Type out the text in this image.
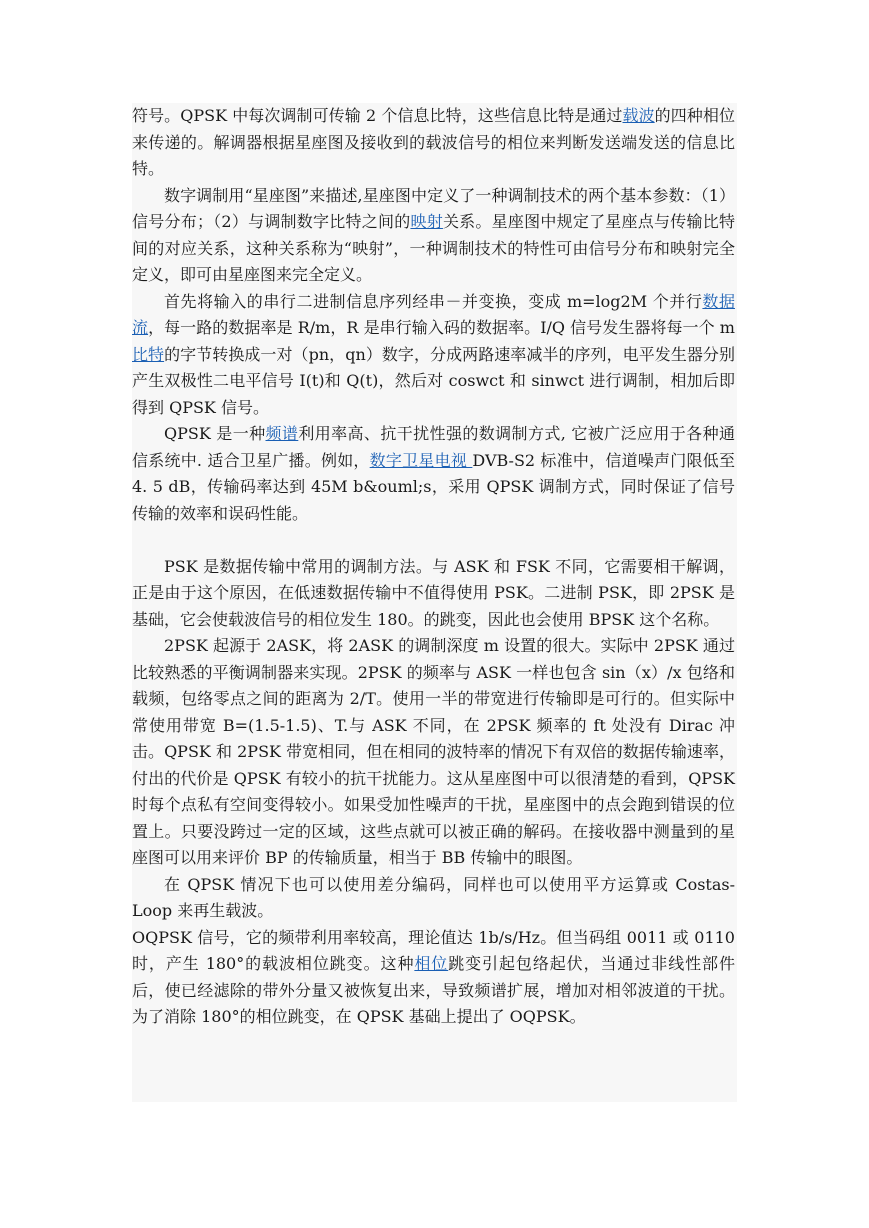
符号。QPSK 中每次调制可传输 2 个信息比特，这些信息比特是通过载波的四种相位来传递的。解调器根据星座图及接收到的载波信号的相位来判断发送端发送的信息比特。

数字调制用“星座图”来描述,星座图中定义了一种调制技术的两个基本参数：（1）信号分布；（2）与调制数字比特之间的映射关系。星座图中规定了星座点与传输比特间的对应关系，这种关系称为“映射”，一种调制技术的特性可由信号分布和映射完全定义，即可由星座图来完全定义。

首先将输入的串行二进制信息序列经串－并变换，变成 m=log2M 个并行数据流，每一路的数据率是 R/m，R 是串行输入码的数据率。I/Q 信号发生器将每一个 m 比特的字节转换成一对（pn，qn）数字，分成两路速率减半的序列，电平发生器分别产生双极性二电平信号 I(t)和 Q(t)，然后对 coswct 和 sinwct 进行调制，相加后即得到 QPSK 信号。

QPSK 是一种频谱利用率高、抗干扰性强的数调制方式, 它被广泛应用于各种通信系统中. 适合卫星广播。例如，数字卫星电视 DVB-S2 标准中，信道噪声门限低至 4. 5 dB，传输码率达到 45M b&ouml;s，采用 QPSK 调制方式，同时保证了信号传输的效率和误码性能。

PSK 是数据传输中常用的调制方法。与 ASK 和 FSK 不同，它需要相干解调，正是由于这个原因，在低速数据传输中不值得使用 PSK。二进制 PSK，即 2PSK 是基础，它会使载波信号的相位发生 180。的跳变，因此也会使用 BPSK 这个名称。

2PSK 起源于 2ASK，将 2ASK 的调制深度 m 设置的很大。实际中 2PSK 通过比较熟悉的平衡调制器来实现。2PSK 的频率与 ASK 一样也包含 sin（x）/x 包络和载频，包络零点之间的距离为 2/T。使用一半的带宽进行传输即是可行的。但实际中常使用带宽 B=(1.5-1.5)、T.与 ASK 不同，在 2PSK 频率的 ft 处没有 Dirac 冲击。QPSK 和 2PSK 带宽相同，但在相同的波特率的情况下有双倍的数据传输速率，付出的代价是 QPSK 有较小的抗干扰能力。这从星座图中可以很清楚的看到，QPSK 时每个点私有空间变得较小。如果受加性噪声的干扰，星座图中的点会跑到错误的位置上。只要没跨过一定的区域，这些点就可以被正确的解码。在接收器中测量到的星座图可以用来评价 BP 的传输质量，相当于 BB 传输中的眼图。

在 QPSK 情况下也可以使用差分编码，同样也可以使用平方运算或 Costas-Loop 来再生载波。

OQPSK 信号，它的频带利用率较高，理论值达 1b/s/Hz。但当码组 0011 或 0110 时，产生 180°的载波相位跳变。这种相位跳变引起包络起伏，当通过非线性部件后，使已经滤除的带外分量又被恢复出来，导致频谱扩展，增加对相邻波道的干扰。为了消除 180°的相位跳变，在 QPSK 基础上提出了 OQPSK。
